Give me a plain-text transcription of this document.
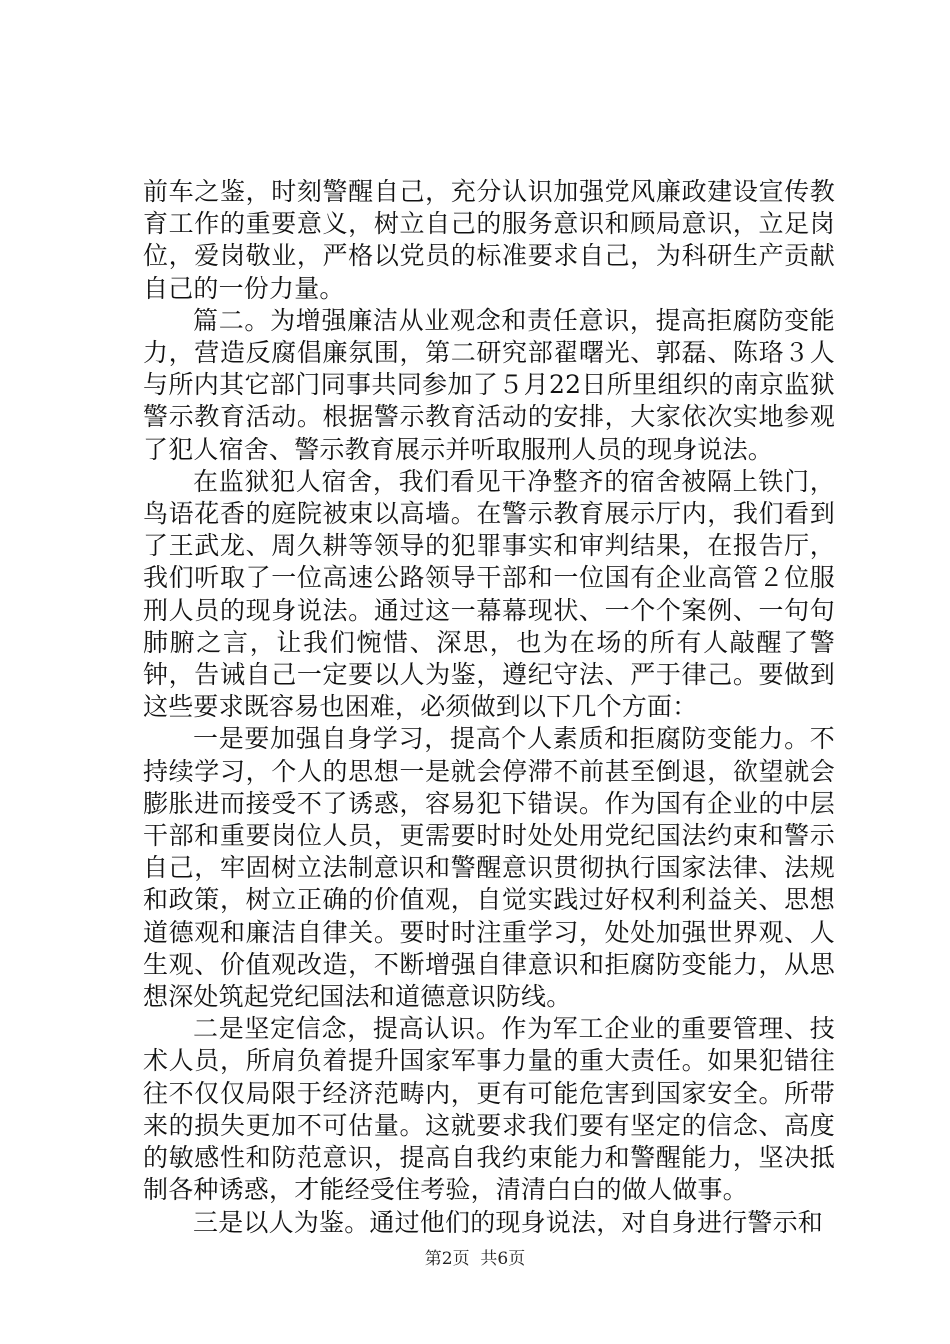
前车之鉴，时刻警醒自己，充分认识加强党风廉政建设宣传教育工作的重要意义，树立自己的服务意识和顾局意识，立足岗位，爱岗敬业，严格以党员的标准要求自己，为科研生产贡献自己的一份力量。

篇二。为增强廉洁从业观念和责任意识，提高拒腐防变能力，营造反腐倡廉氛围，第二研究部翟曙光、郭磊、陈珞３人与所内其它部门同事共同参加了５月22日所里组织的南京监狱警示教育活动。根据警示教育活动的安排，大家依次实地参观了犯人宿舍、警示教育展示并听取服刑人员的现身说法。

在监狱犯人宿舍，我们看见干净整齐的宿舍被隔上铁门，鸟语花香的庭院被束以高墙。在警示教育展示厅内，我们看到了王武龙、周久耕等领导的犯罪事实和审判结果，在报告厅，我们听取了一位高速公路领导干部和一位国有企业高管２位服刑人员的现身说法。通过这一幕幕现状、一个个案例、一句句肺腑之言，让我们惋惜、深思，也为在场的所有人敲醒了警钟，告诫自己一定要以人为鉴，遵纪守法、严于律己。要做到这些要求既容易也困难，必须做到以下几个方面：

一是要加强自身学习，提高个人素质和拒腐防变能力。不持续学习，个人的思想一是就会停滞不前甚至倒退，欲望就会膨胀进而接受不了诱惑，容易犯下错误。作为国有企业的中层干部和重要岗位人员，更需要时时处处用党纪国法约束和警示自己，牢固树立法制意识和警醒意识贯彻执行国家法律、法规和政策，树立正确的价值观，自觉实践过好权利利益关、思想道德观和廉洁自律关。要时时注重学习，处处加强世界观、人生观、价值观改造，不断增强自律意识和拒腐防变能力，从思想深处筑起党纪国法和道德意识防线。

二是坚定信念，提高认识。作为军工企业的重要管理、技术人员，所肩负着提升国家军事力量的重大责任。如果犯错往往不仅仅局限于经济范畴内，更有可能危害到国家安全。所带来的损失更加不可估量。这就要求我们要有坚定的信念、高度的敏感性和防范意识，提高自我约束能力和警醒能力，坚决抵制各种诱惑，才能经受住考验，清清白白的做人做事。

三是以人为鉴。通过他们的现身说法，对自身进行警示和

第2页 共6页
